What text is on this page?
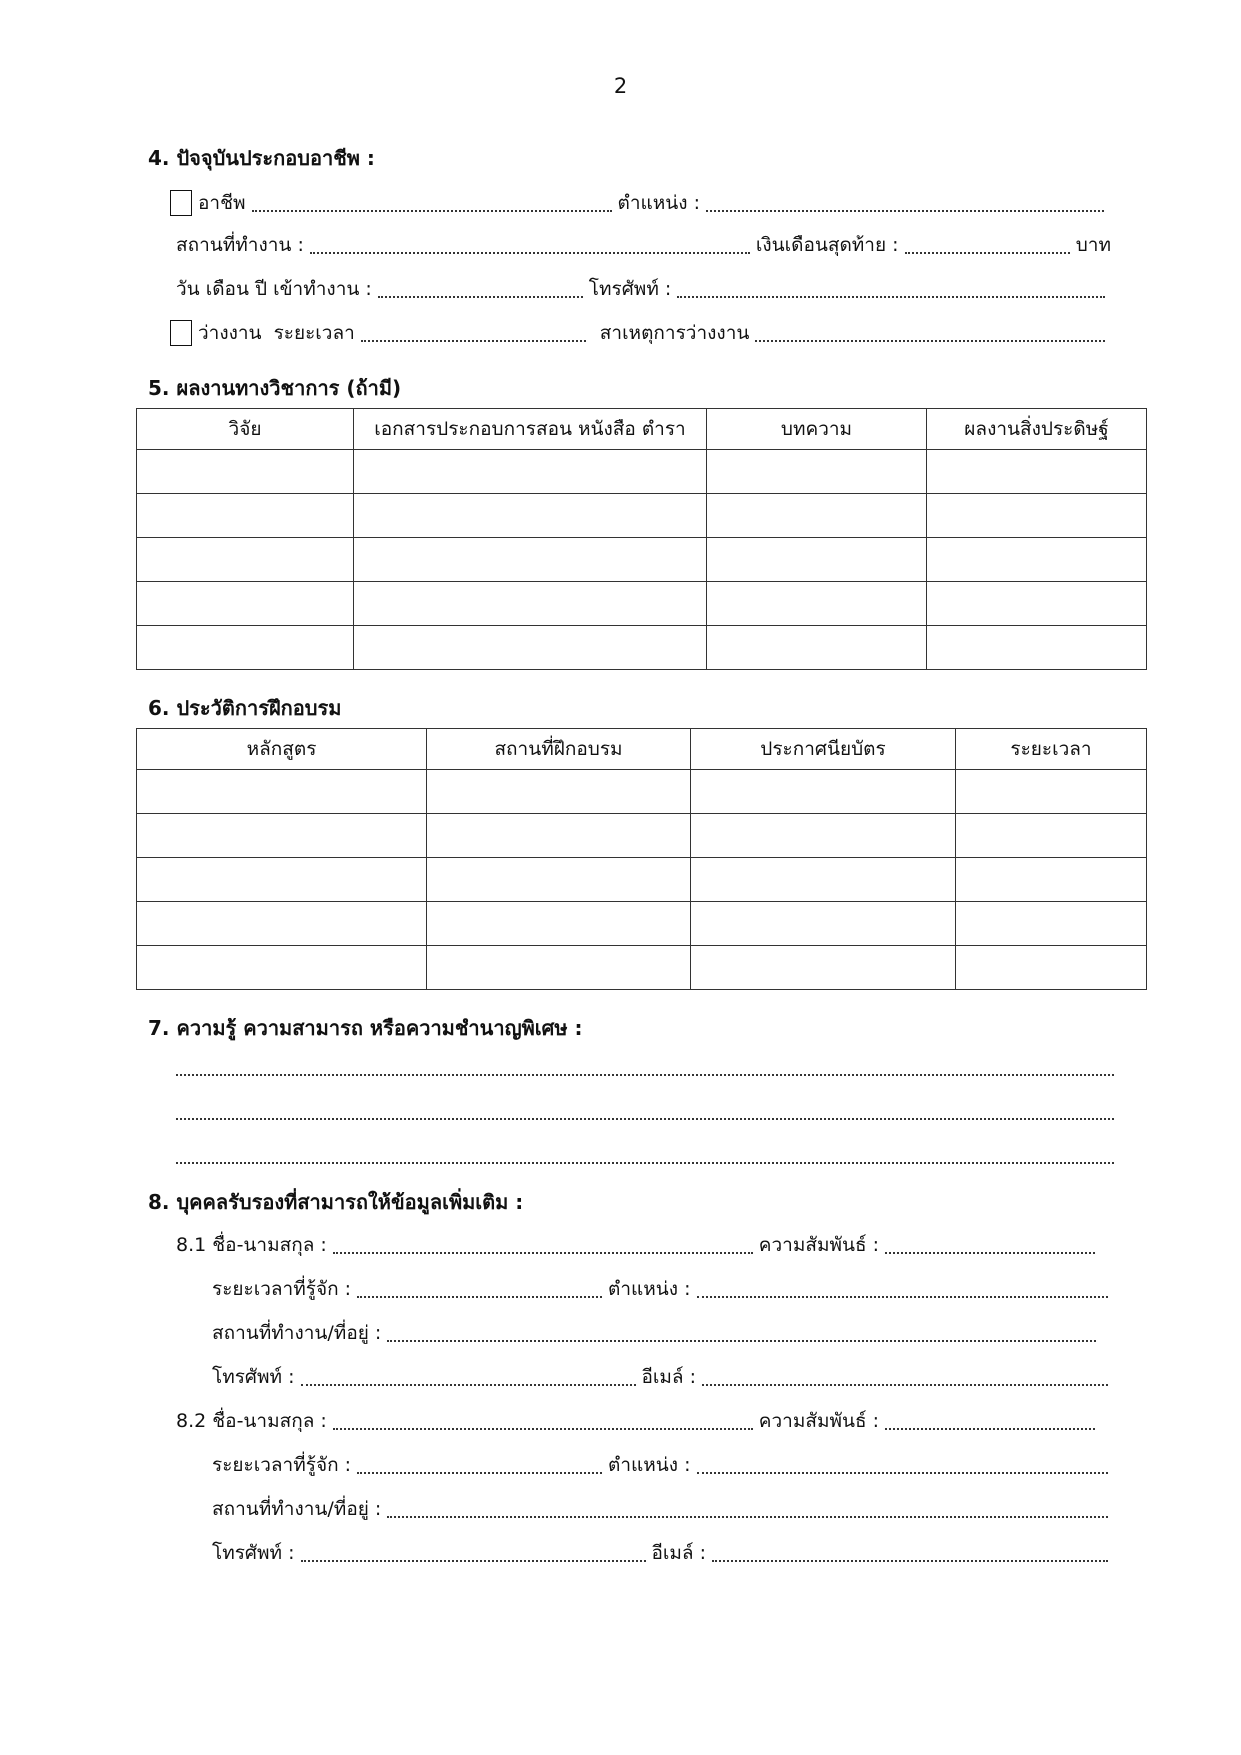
2
4. ปัจจุบันประกอบอาชีพ :
อาชีพ	ตำแหน่ง :
สถานที่ทำงาน :	เงินเดือนสุดท้าย :	บาท
วัน เดือน ปี เข้าทำงาน :	โทรศัพท์ :
ว่างงาน ระยะเวลา	สาเหตุการว่างงาน
5. ผลงานทางวิชาการ (ถ้ามี)
วิจัย	เอกสารประกอบการสอน หนังสือ ตำรา	บทความ	ผลงานสิ่งประดิษฐ์

6. ประวัติการฝึกอบรม
หลักสูตร	สถานที่ฝึกอบรม	ประกาศนียบัตร	ระยะเวลา

7. ความรู้ ความสามารถ หรือความชำนาญพิเศษ :
8. บุคคลรับรองที่สามารถให้ข้อมูลเพิ่มเติม :
8.1 ชื่อ-นามสกุล :	ความสัมพันธ์ :
ระยะเวลาที่รู้จัก :	ตำแหน่ง :
สถานที่ทำงาน/ที่อยู่ :
โทรศัพท์ :	อีเมล์ :
8.2 ชื่อ-นามสกุล :	ความสัมพันธ์ :
ระยะเวลาที่รู้จัก :	ตำแหน่ง :
สถานที่ทำงาน/ที่อยู่ :
โทรศัพท์ :	อีเมล์ :
